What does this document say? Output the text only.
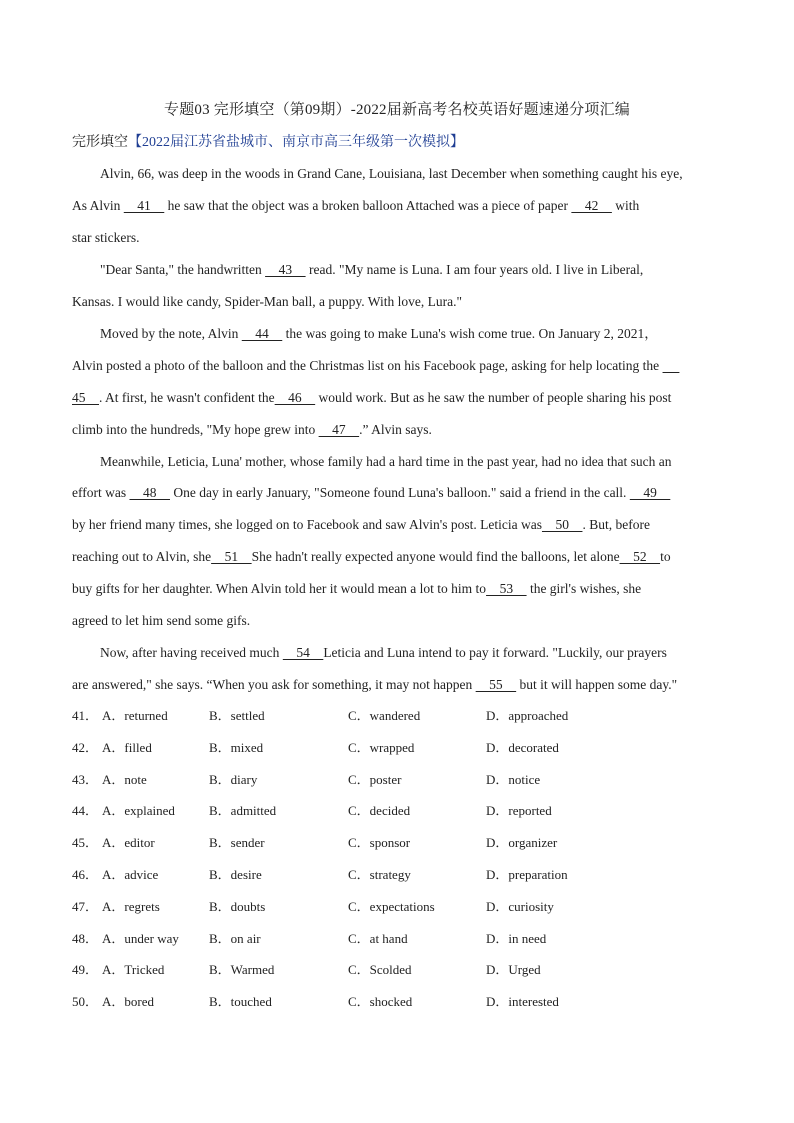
专题03 完形填空（第09期）-2022届新高考名校英语好题速递分项汇编
完形填空【2022届江苏省盐城市、南京市高三年级第一次模拟】
Alvin, 66, was deep in the woods in Grand Cane, Louisiana, last December when something caught his eye,
As Alvin     41     he saw that the object was a broken balloon Attached was a piece of paper     42     with
star stickers.
"Dear Santa," the handwritten     43     read. "My name is Luna. I am four years old. I live in Liberal,
Kansas. I would like candy, Spider-Man ball, a puppy. With love, Lura."
Moved by the note, Alvin     44     the was going to make Luna's wish come true. On January 2, 2021，
Alvin posted a photo of the balloon and the Christmas list on his Facebook page, asking for help locating the
45    . At first, he wasn't confident the    46     would work. But as he saw the number of people sharing his post
climb into the hundreds, "My hope grew into     47    .” Alvin says.
Meanwhile, Leticia, Luna' mother, whose family had a hard time in the past year, had no idea that such an
effort was     48     One day in early January, "Someone found Luna's balloon." said a friend in the call.     49
by her friend many times, she logged on to Facebook and saw Alvin's post. Leticia was    50    . But, before
reaching out to Alvin, she    51    She hadn't really expected anyone would find the balloons, let alone    52    to
buy gifts for her daughter. When Alvin told her it would mean a lot to him to    53     the girl's wishes, she
agreed to let him send some gifs.
Now, after having received much     54    Leticia and Luna intend to pay it forward. "Luckily, our prayers
are answered," she says. “When you ask for something, it may not happen     55     but it will happen some day."
41． A．returned	B．settled	C．wandered	D．approached
42． A．filled	B．mixed	C．wrapped	D．decorated
43． A．note	B．diary	C．poster	D．notice
44． A．explained	B．admitted	C．decided	D．reported
45． A．editor	B．sender	C．sponsor	D．organizer
46． A．advice	B．desire	C．strategy	D．preparation
47． A．regrets	B．doubts	C．expectations	D．curiosity
48． A．under way B．on air	C．at hand	D．in need
49． A．Tricked	B．Warmed	C．Scolded	D．Urged
50． A．bored	B．touched	C．shocked	D．interested
